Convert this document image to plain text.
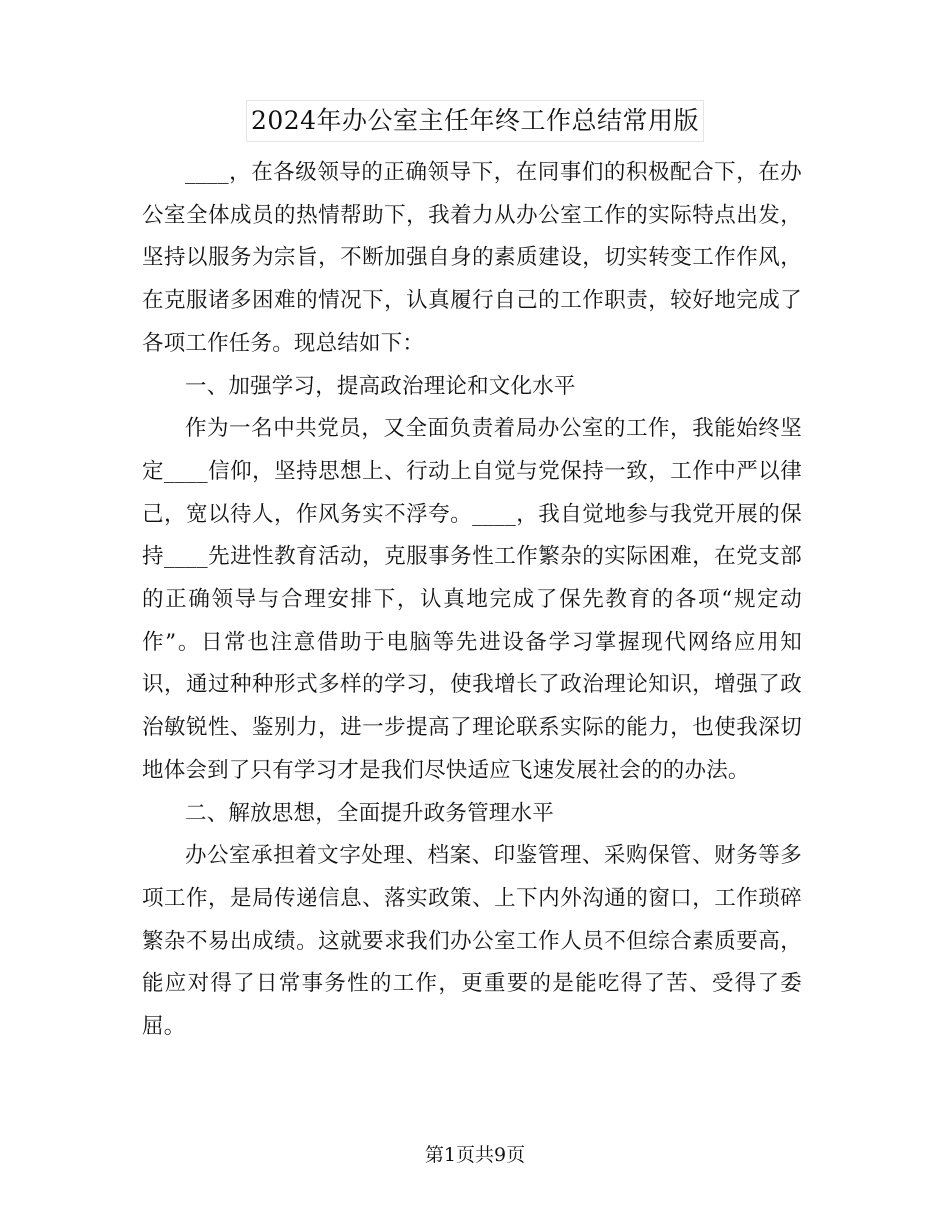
2024年办公室主任年终工作总结常用版

____，在各级领导的正确领导下，在同事们的积极配合下，在办公室全体成员的热情帮助下，我着力从办公室工作的实际特点出发，坚持以服务为宗旨，不断加强自身的素质建设，切实转变工作作风，在克服诸多困难的情况下，认真履行自己的工作职责，较好地完成了各项工作任务。现总结如下：

一、加强学习，提高政治理论和文化水平

作为一名中共党员，又全面负责着局办公室的工作，我能始终坚定____信仰，坚持思想上、行动上自觉与党保持一致，工作中严以律己，宽以待人，作风务实不浮夸。____，我自觉地参与我党开展的保持____先进性教育活动，克服事务性工作繁杂的实际困难，在党支部的正确领导与合理安排下，认真地完成了保先教育的各项“规定动作”。日常也注意借助于电脑等先进设备学习掌握现代网络应用知识，通过种种形式多样的学习，使我增长了政治理论知识，增强了政治敏锐性、鉴别力，进一步提高了理论联系实际的能力，也使我深切地体会到了只有学习才是我们尽快适应飞速发展社会的的办法。

二、解放思想，全面提升政务管理水平

办公室承担着文字处理、档案、印鉴管理、采购保管、财务等多项工作，是局传递信息、落实政策、上下内外沟通的窗口，工作琐碎繁杂不易出成绩。这就要求我们办公室工作人员不但综合素质要高，能应对得了日常事务性的工作，更重要的是能吃得了苦、受得了委屈。

第1页共9页
